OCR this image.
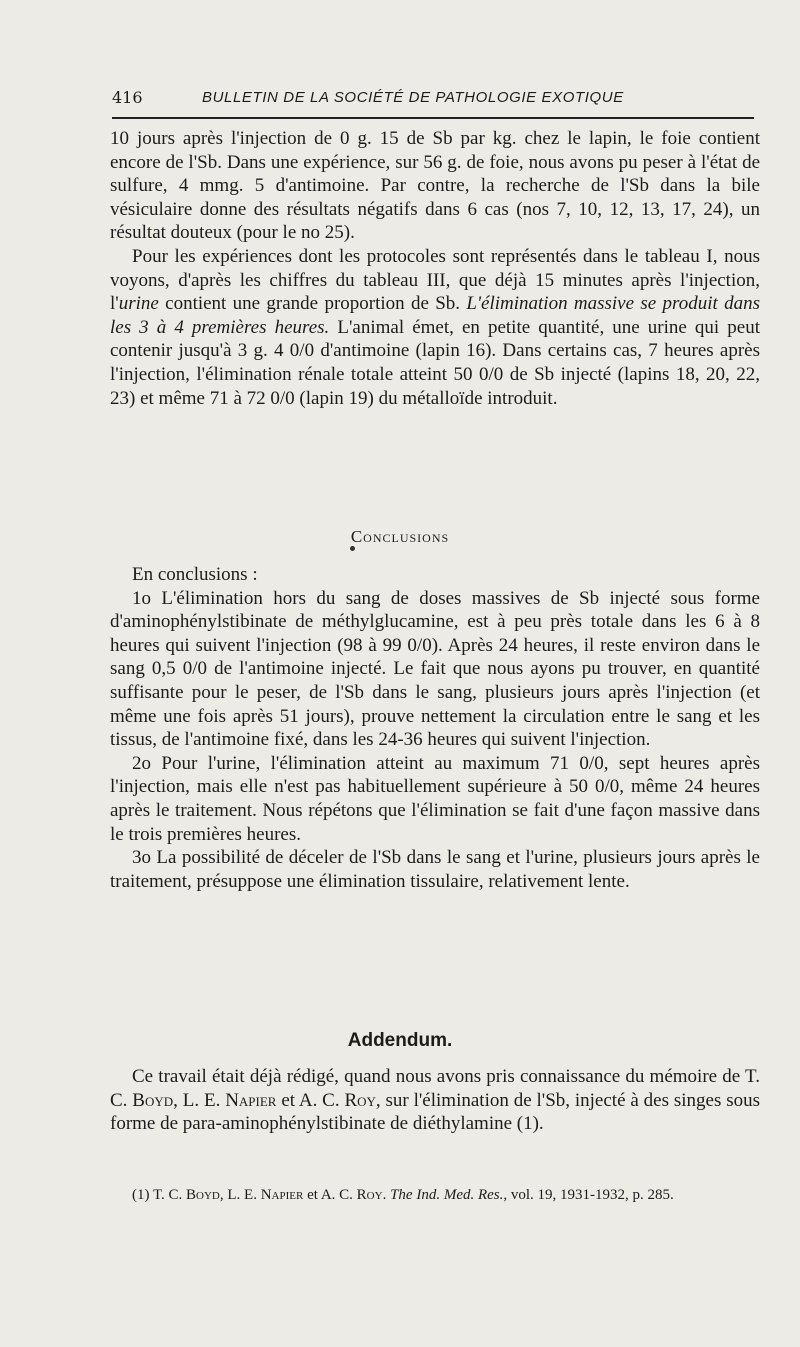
416	BULLETIN DE LA SOCIÉTÉ DE PATHOLOGIE EXOTIQUE

10 jours après l'injection de 0 g. 15 de Sb par kg. chez le lapin, le foie contient encore de l'Sb. Dans une expérience, sur 56 g. de foie, nous avons pu peser à l'état de sulfure, 4 mmg. 5 d'antimoine. Par contre, la recherche de l'Sb dans la bile vésiculaire donne des résultats négatifs dans 6 cas (nos 7, 10, 12, 13, 17, 24), un résultat douteux (pour le no 25).

Pour les expériences dont les protocoles sont représentés dans le tableau I, nous voyons, d'après les chiffres du tableau III, que déjà 15 minutes après l'injection, l'urine contient une grande proportion de Sb. L'élimination massive se produit dans les 3 à 4 premières heures. L'animal émet, en petite quantité, une urine qui peut contenir jusqu'à 3 g. 4 0/0 d'antimoine (lapin 16). Dans certains cas, 7 heures après l'injection, l'élimination rénale totale atteint 50 0/0 de Sb injecté (lapins 18, 20, 22, 23) et même 71 à 72 0/0 (lapin 19) du métalloïde introduit.

Conclusions

En conclusions :

1o L'élimination hors du sang de doses massives de Sb injecté sous forme d'aminophénylstibinate de méthylglucamine, est à peu près totale dans les 6 à 8 heures qui suivent l'injection (98 à 99 0/0). Après 24 heures, il reste environ dans le sang 0,5 0/0 de l'antimoine injecté. Le fait que nous ayons pu trouver, en quantité suffisante pour le peser, de l'Sb dans le sang, plusieurs jours après l'injection (et même une fois après 51 jours), prouve nettement la circulation entre le sang et les tissus, de l'antimoine fixé, dans les 24-36 heures qui suivent l'injection.

2o Pour l'urine, l'élimination atteint au maximum 71 0/0, sept heures après l'injection, mais elle n'est pas habituellement supérieure à 50 0/0, même 24 heures après le traitement. Nous répétons que l'élimination se fait d'une façon massive dans le trois premières heures.

3o La possibilité de déceler de l'Sb dans le sang et l'urine, plusieurs jours après le traitement, présuppose une élimination tissulaire, relativement lente.

Addendum.

Ce travail était déjà rédigé, quand nous avons pris connaissance du mémoire de T. C. Boyd, L. E. Napier et A. C. Roy, sur l'élimination de l'Sb, injecté à des singes sous forme de para-aminophénylstibinate de diéthylamine (1).

(1) T. C. Boyd, L. E. Napier et A. C. Roy. The Ind. Med. Res., vol. 19, 1931-1932, p. 285.
